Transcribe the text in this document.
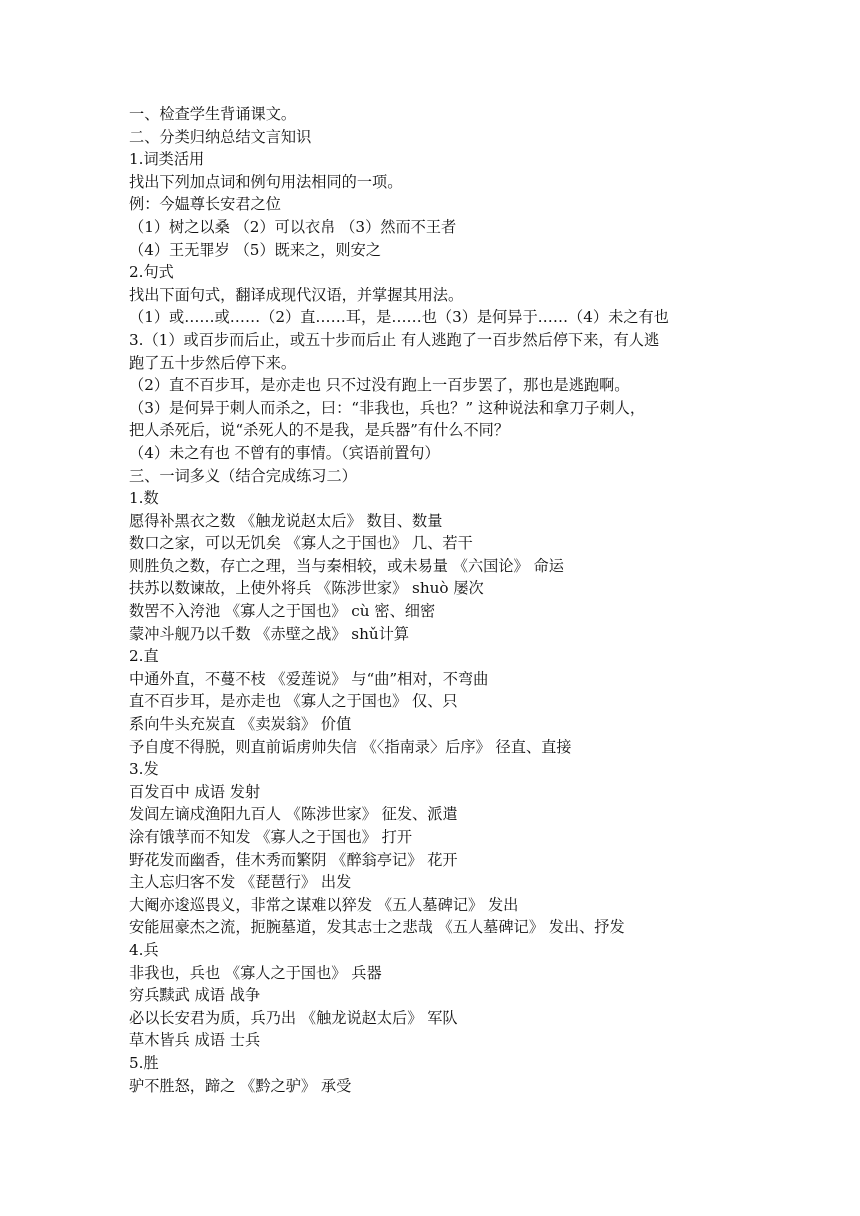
一、检查学生背诵课文。
二、分类归纳总结文言知识
1.词类活用
找出下列加点词和例句用法相同的一项。
例：今媪尊长安君之位
（1）树之以桑 （2）可以衣帛 （3）然而不王者
（4）王无罪岁 （5）既来之，则安之
2.句式
找出下面句式，翻译成现代汉语，并掌握其用法。
（1）或……或……（2）直……耳，是……也（3）是何异于……（4）未之有也
3.（1）或百步而后止，或五十步而后止 有人逃跑了一百步然后停下来，有人逃
跑了五十步然后停下来。
（2）直不百步耳，是亦走也 只不过没有跑上一百步罢了，那也是逃跑啊。
（3）是何异于刺人而杀之，曰：“非我也，兵也？” 这种说法和拿刀子刺人，
把人杀死后，说“杀死人的不是我，是兵器”有什么不同？
（4）未之有也 不曾有的事情。（宾语前置句）
三、一词多义（结合完成练习二）
1.数
愿得补黑衣之数 《触龙说赵太后》 数目、数量
数口之家，可以无饥矣 《寡人之于国也》 几、若干
则胜负之数，存亡之理，当与秦相较，或未易量 《六国论》 命运
扶苏以数谏故，上使外将兵 《陈涉世家》 shuò 屡次
数罟不入洿池 《寡人之于国也》 cù 密、细密
蒙冲斗舰乃以千数 《赤壁之战》 shǔ计算
2.直
中通外直，不蔓不枝 《爱莲说》 与“曲”相对，不弯曲
直不百步耳，是亦走也 《寡人之于国也》 仅、只
系向牛头充炭直 《卖炭翁》 价值
予自度不得脱，则直前诟虏帅失信 《〈指南录〉后序》 径直、直接
3.发
百发百中 成语 发射
发闾左谪戍渔阳九百人 《陈涉世家》 征发、派遣
涂有饿莩而不知发 《寡人之于国也》 打开
野花发而幽香，佳木秀而繁阴 《醉翁亭记》 花开
主人忘归客不发 《琵琶行》 出发
大阉亦逡巡畏义，非常之谋难以猝发 《五人墓碑记》 发出
安能屈豪杰之流，扼腕墓道，发其志士之悲哉 《五人墓碑记》 发出、抒发
4.兵
非我也，兵也 《寡人之于国也》 兵器
穷兵黩武 成语 战争
必以长安君为质，兵乃出 《触龙说赵太后》 军队
草木皆兵 成语 士兵
5.胜
驴不胜怒，蹄之 《黔之驴》 承受
